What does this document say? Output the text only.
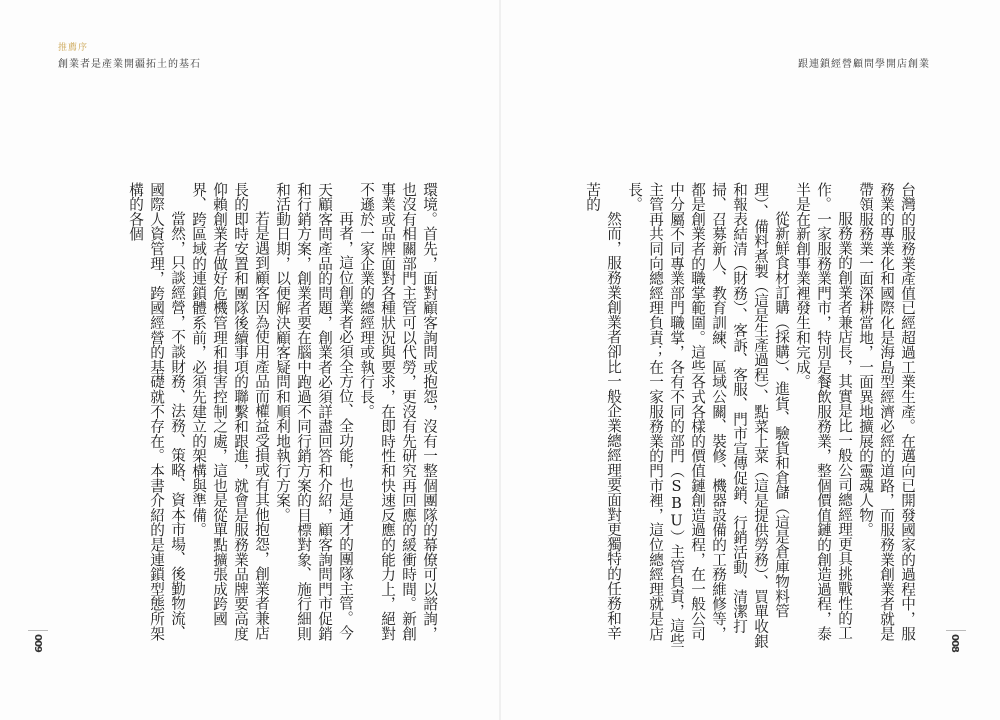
推薦序
創業者是產業開疆拓土的基石	跟連鎖經營顧問學開店創業
009	008

台灣的服務業產值已經超過工業生產。在邁向已開發國家的過程中，服務業的專業化和國際化是海島型經濟必經的道路，而服務業創業者就是帶領服務業一面深耕當地，一面異地擴展的靈魂人物。

服務業的創業者兼店長，其實是比一般公司總經理更具挑戰性的工作。一家服務業門市，特別是餐飲服務業，整個價值鏈的創造過程，泰半是在新創事業裡發生和完成。

從新鮮食材訂購（採購）、進貨、驗貨和倉儲（這是倉庫物料管理）、備料煮製（這是生產過程）、點菜上菜（這是提供勞務）、買單收銀和報表結清（財務）、客訴、客服、門市宣傳促銷、行銷活動、清潔打掃、召募新人、教育訓練、區域公關、裝修、機器設備的工務維修等，都是創業者的職掌範圍。這些各式各樣的價值鏈創造過程，在一般公司中分屬不同專業部門職掌，各有不同的部門（SBU）主管負責，這些主管再共同向總經理負責；在一家服務業的門市裡，這位總經理就是店長。

然而，服務業創業者卻比一般企業總經理要面對更獨特的任務和辛苦的

環境。首先，面對顧客詢問或抱怨，沒有一整個團隊的幕僚可以諮詢，也沒有相關部門主管可以代勞，更沒有先研究再回應的緩衝時間。新創事業或品牌面對各種狀況與要求，在即時性和快速反應的能力上，絕對不遜於一家企業的總經理或執行長。

再者，這位創業者必須全方位、全功能，也是通才的團隊主管。今天顧客問產品的問題，創業者必須詳盡回答和介紹，顧客詢問門市促銷和行銷方案，創業者要在腦中跑過不同行銷方案的目標對象、施行細則和活動日期，以便解決顧客疑問和順利地執行方案。

若是遇到顧客因為使用產品而權益受損或有其他抱怨，創業者兼店長的即時安置和團隊後續事項的聯繫和跟進，就會是服務業品牌要高度仰賴創業者做好危機管理和損害控制之處，這也是從單點擴張成跨國界、跨區域的連鎖體系前，必須先建立的架構與準備。

當然，只談經營，不談財務、法務、策略、資本市場、後勤物流、國際人資管理，跨國經營的基礎就不存在。本書介紹的是連鎖型態所架構的各個
